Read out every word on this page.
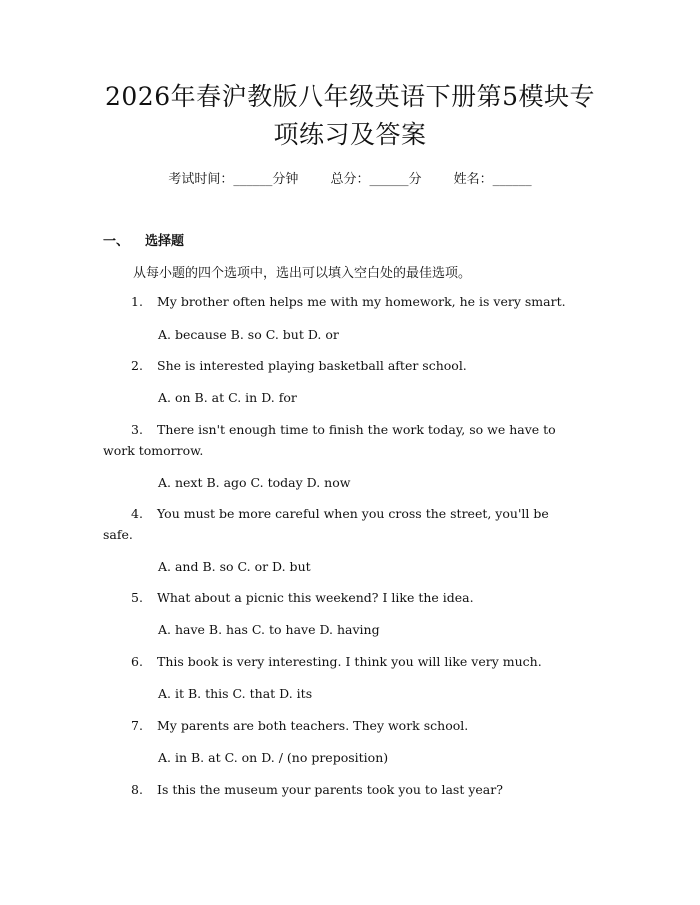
2026年春沪教版八年级英语下册第5模块专
项练习及答案
考试时间：______分钟 总分：______分 姓名：______
一、 选择题
从每小题的四个选项中，选出可以填入空白处的最佳选项。
1. My brother often helps me with my homework, he is very smart.
A. because B. so C. but D. or
2. She is interested playing basketball after school.
A. on B. at C. in D. for
3. There isn't enough time to finish the work today, so we have to
work tomorrow.
A. next B. ago C. today D. now
4. You must be more careful when you cross the street, you'll be
safe.
A. and B. so C. or D. but
5. What about a picnic this weekend? I like the idea.
A. have B. has C. to have D. having
6. This book is very interesting. I think you will like very much.
A. it B. this C. that D. its
7. My parents are both teachers. They work school.
A. in B. at C. on D. / (no preposition)
8. Is this the museum your parents took you to last year?
